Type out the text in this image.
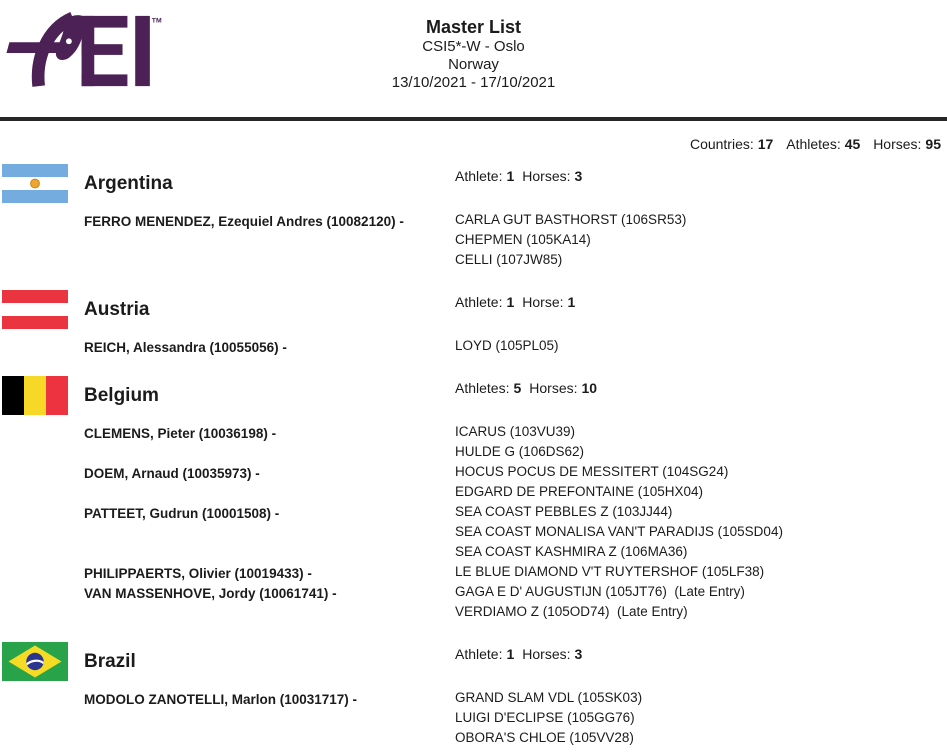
TM	Master List
CSI5*-W - Oslo
Norway
13/10/2021 - 17/10/2021
Countries: 17 Athletes: 45 Horses: 95
Argentina	Athlete: 1 Horses: 3
FERRO MENENDEZ, Ezequiel Andres (10082120) -	CARLA GUT BASTHORST (106SR53)
CHEPMEN (105KA14)
CELLI (107JW85)
Austria	Athlete: 1 Horse: 1
REICH, Alessandra (10055056) -	LOYD (105PL05)
Belgium	Athletes: 5 Horses: 10
CLEMENS, Pieter (10036198) -	ICARUS (103VU39)
HULDE G (106DS62)
DOEM, Arnaud (10035973) -	HOCUS POCUS DE MESSITERT (104SG24)
EDGARD DE PREFONTAINE (105HX04)
PATTEET, Gudrun (10001508) -	SEA COAST PEBBLES Z (103JJ44)
SEA COAST MONALISA VAN'T PARADIJS (105SD04)
SEA COAST KASHMIRA Z (106MA36)
PHILIPPAERTS, Olivier (10019433) -	LE BLUE DIAMOND V'T RUYTERSHOF (105LF38)
VAN MASSENHOVE, Jordy (10061741) -	GAGA E D' AUGUSTIJN (105JT76)  (Late Entry)
VERDIAMO Z (105OD74)  (Late Entry)
Brazil	Athlete: 1 Horses: 3
MODOLO ZANOTELLI, Marlon (10031717) -	GRAND SLAM VDL (105SK03)
LUIGI D'ECLIPSE (105GG76)
OBORA'S CHLOE (105VV28)
